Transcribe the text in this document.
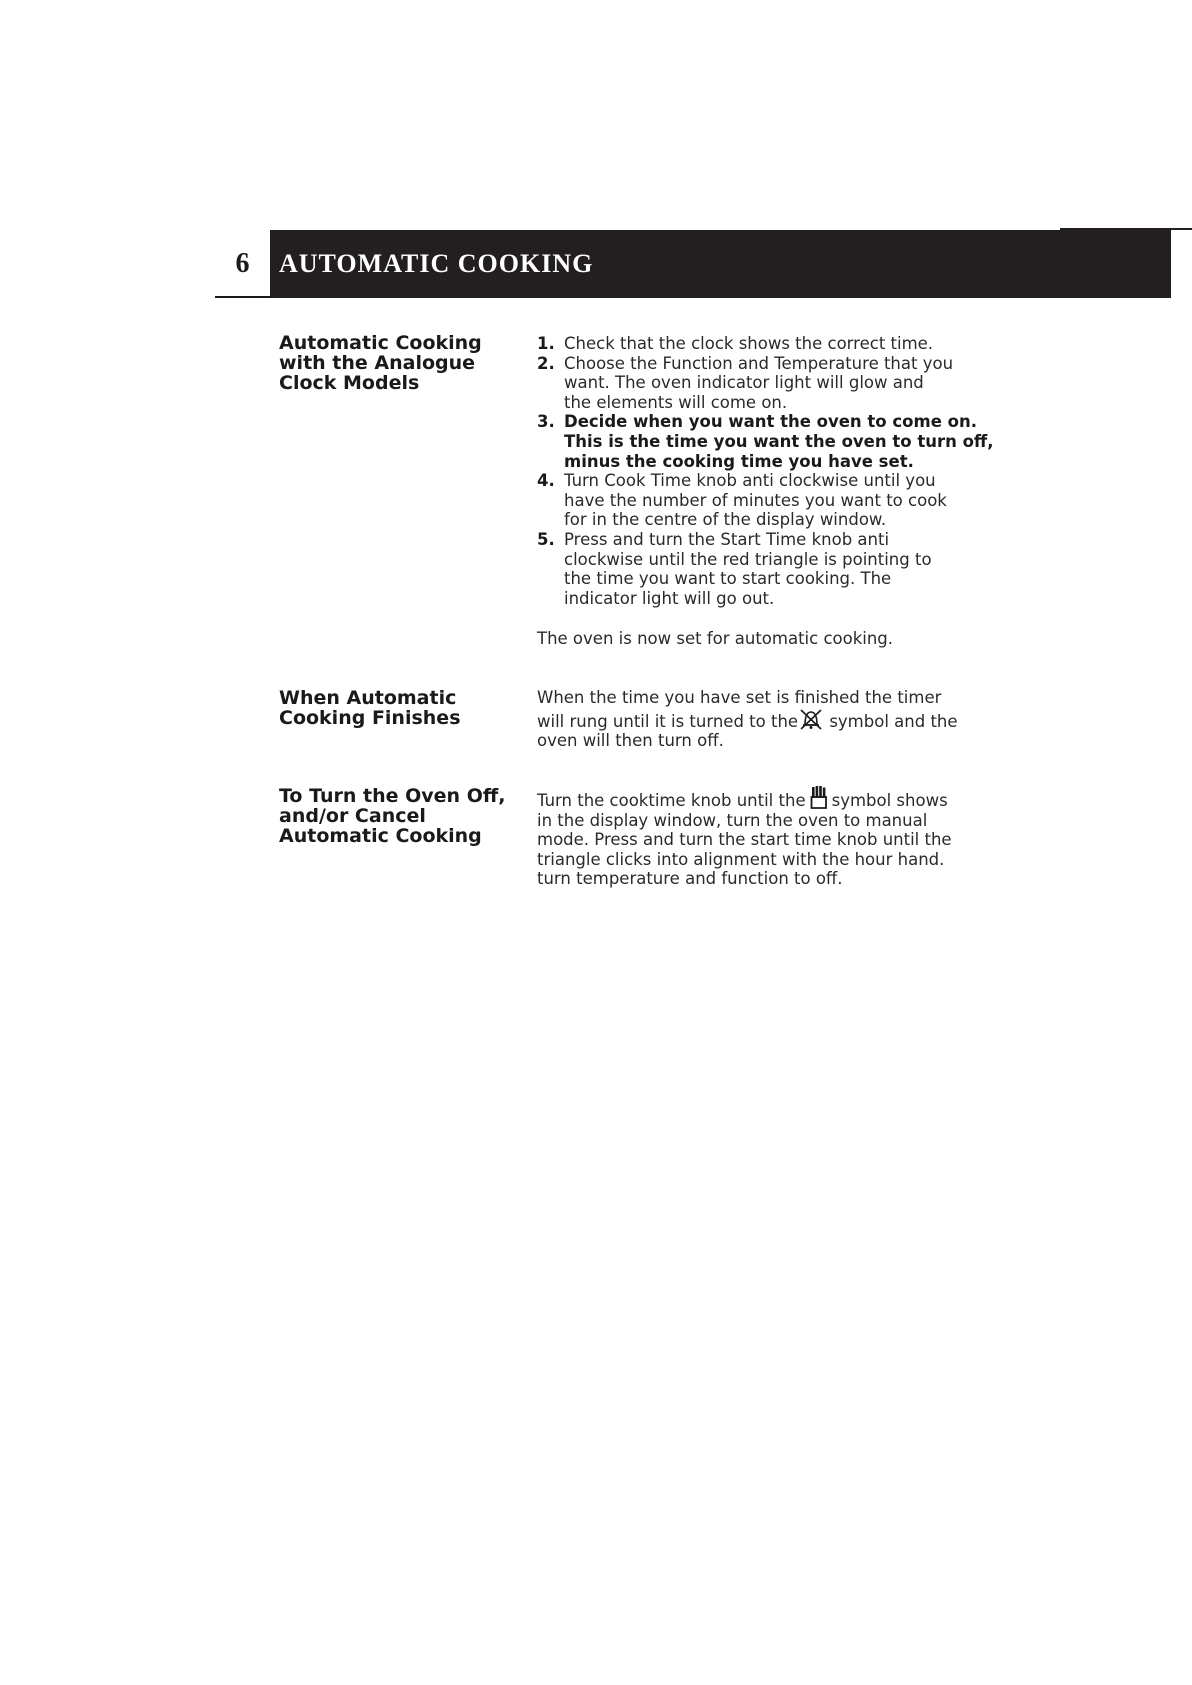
6	AUTOMATIC COOKING
Automatic Cooking
with the Analogue
Clock Models
1. Check that the clock shows the correct time.
2. Choose the Function and Temperature that you
want. The oven indicator light will glow and
the elements will come on.
3. Decide when you want the oven to come on.
This is the time you want the oven to turn off,
minus the cooking time you have set.
4. Turn Cook Time knob anti clockwise until you
have the number of minutes you want to cook
for in the centre of the display window.
5. Press and turn the Start Time knob anti
clockwise until the red triangle is pointing to
the time you want to start cooking. The
indicator light will go out.
The oven is now set for automatic cooking.
When Automatic
Cooking Finishes
When the time you have set is finished the timer
will rung until it is turned to the symbol and the
oven will then turn off.
To Turn the Oven Off,
and/or Cancel
Automatic Cooking
Turn the cooktime knob until the symbol shows
in the display window, turn the oven to manual
mode. Press and turn the start time knob until the
triangle clicks into alignment with the hour hand.
turn temperature and function to off.
